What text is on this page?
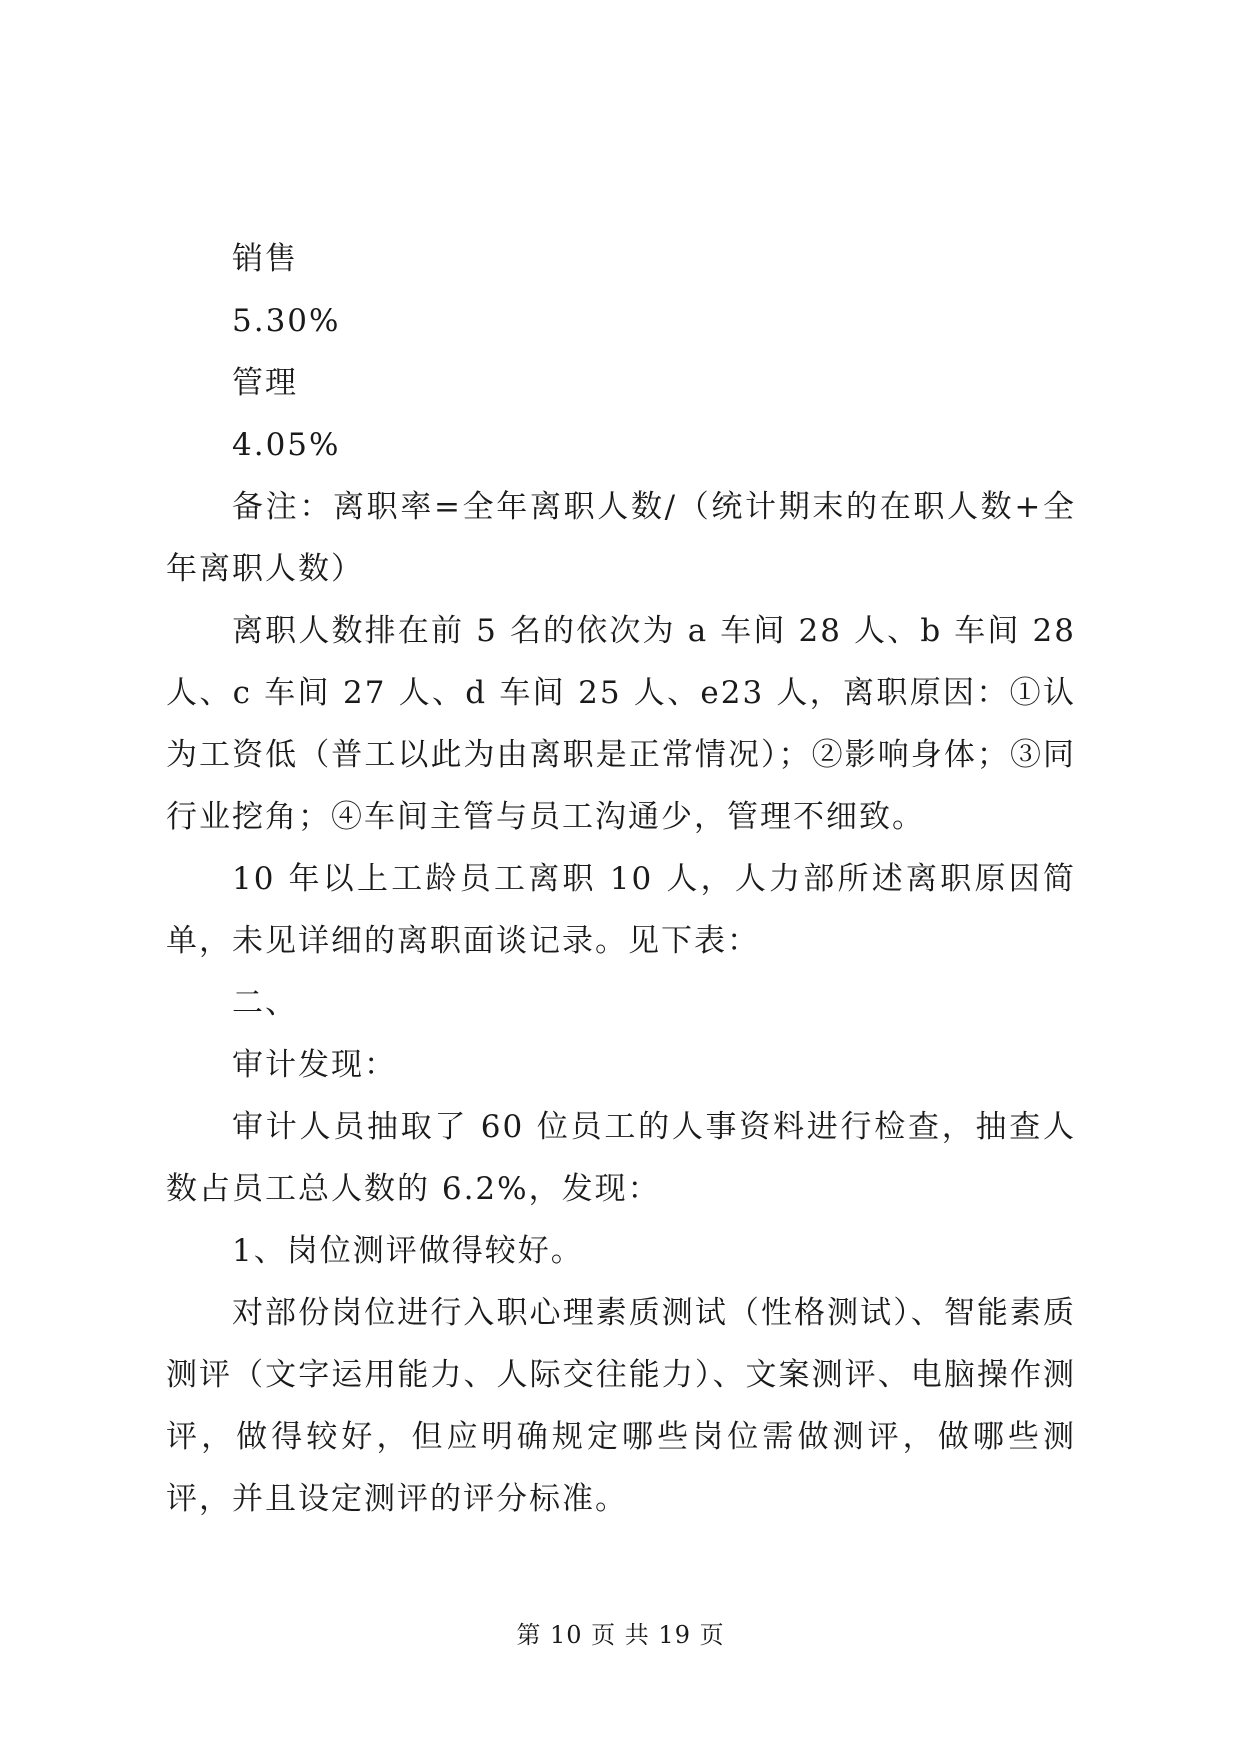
销售

5.30%

管理

4.05%

备注：离职率=全年离职人数/（统计期末的在职人数+全年离职人数）

离职人数排在前 5 名的依次为 a 车间 28 人、b 车间 28 人、c 车间 27 人、d 车间 25 人、e23 人，离职原因：①认为工资低（普工以此为由离职是正常情况）；②影响身体；③同行业挖角；④车间主管与员工沟通少，管理不细致。

10 年以上工龄员工离职 10 人，人力部所述离职原因简单，未见详细的离职面谈记录。见下表：

二、

审计发现：

审计人员抽取了 60 位员工的人事资料进行检查，抽查人数占员工总人数的 6.2%，发现：

1、岗位测评做得较好。

对部份岗位进行入职心理素质测试（性格测试）、智能素质测评（文字运用能力、人际交往能力）、文案测评、电脑操作测评，做得较好，但应明确规定哪些岗位需做测评，做哪些测评，并且设定测评的评分标准。

第 10 页 共 19 页
